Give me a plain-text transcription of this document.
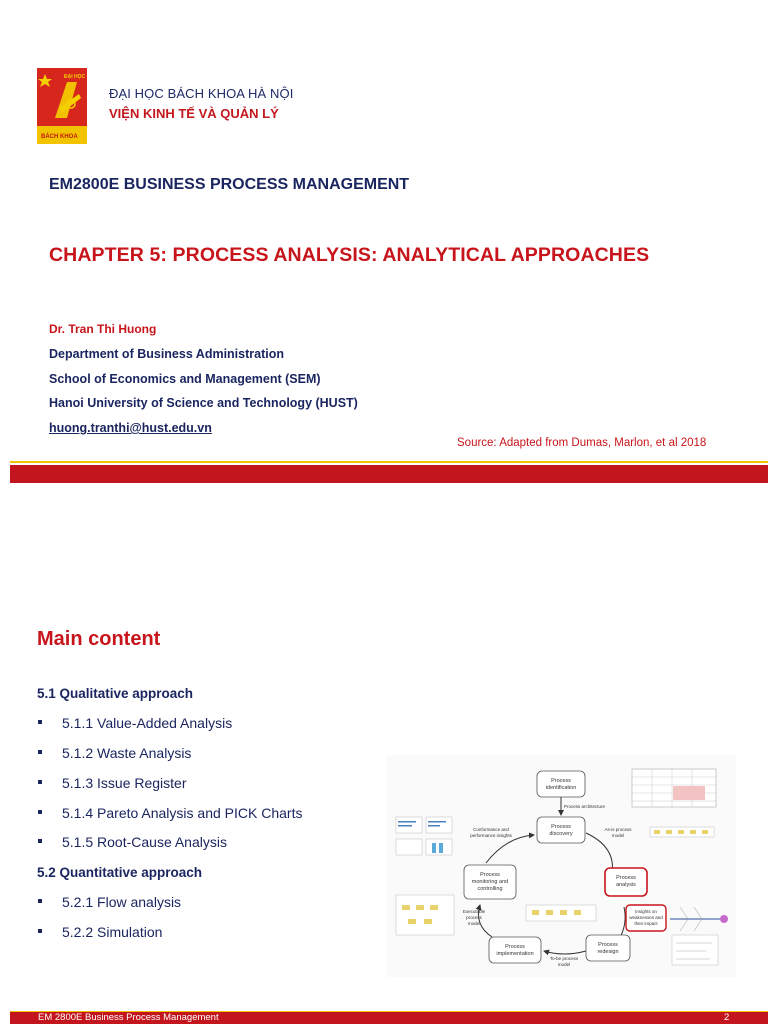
ĐẠI HỌC
BÁCH KHOA
ĐẠI HỌC BÁCH KHOA HÀ NỘI
VIỆN KINH TẾ VÀ QUẢN LÝ
EM2800E BUSINESS PROCESS MANAGEMENT
CHAPTER 5: PROCESS ANALYSIS: ANALYTICAL APPROACHES
Dr. Tran Thi Huong
Department of Business Administration
School of Economics and Management (SEM)
Hanoi University of Science and Technology (HUST)
huong.tranthi@hust.edu.vn
Source: Adapted from Dumas, Marlon, et al 2018
Main content
5.1 Qualitative approach
5.1.1 Value-Added Analysis
5.1.2 Waste Analysis
5.1.3 Issue Register
5.1.4 Pareto Analysis and PICK Charts
5.1.5 Root-Cause Analysis
5.2 Quantitative approach
5.2.1 Flow analysis
5.2.2 Simulation
Process
identification
Process
discovery
Process
analysis
Process
redesign
Process
implementation
Process
monitoring and
controlling
Process architecture
As-is process
model
Conformance and
performance insights
Insights on
weaknesses and
their impact
Executable
process
model
To-be process
model
EM 2800E Business Process Management	2
